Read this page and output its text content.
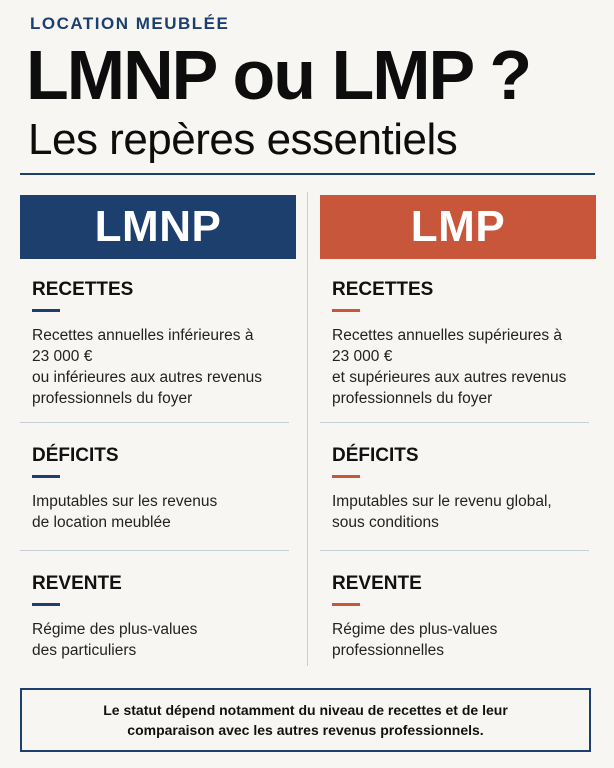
LOCATION MEUBLÉE
LMNP ou LMP ?
Les repères essentiels
LMNP
RECETTES
Recettes annuelles inférieures à
23 000 €
ou inférieures aux autres revenus
professionnels du foyer
DÉFICITS
Imputables sur les revenus
de location meublée
REVENTE
Régime des plus-values
des particuliers
LMP
RECETTES
Recettes annuelles supérieures à
23 000 €
et supérieures aux autres revenus
professionnels du foyer
DÉFICITS
Imputables sur le revenu global,
sous conditions
REVENTE
Régime des plus-values
professionnelles
Le statut dépend notamment du niveau de recettes et de leur
comparaison avec les autres revenus professionnels.
